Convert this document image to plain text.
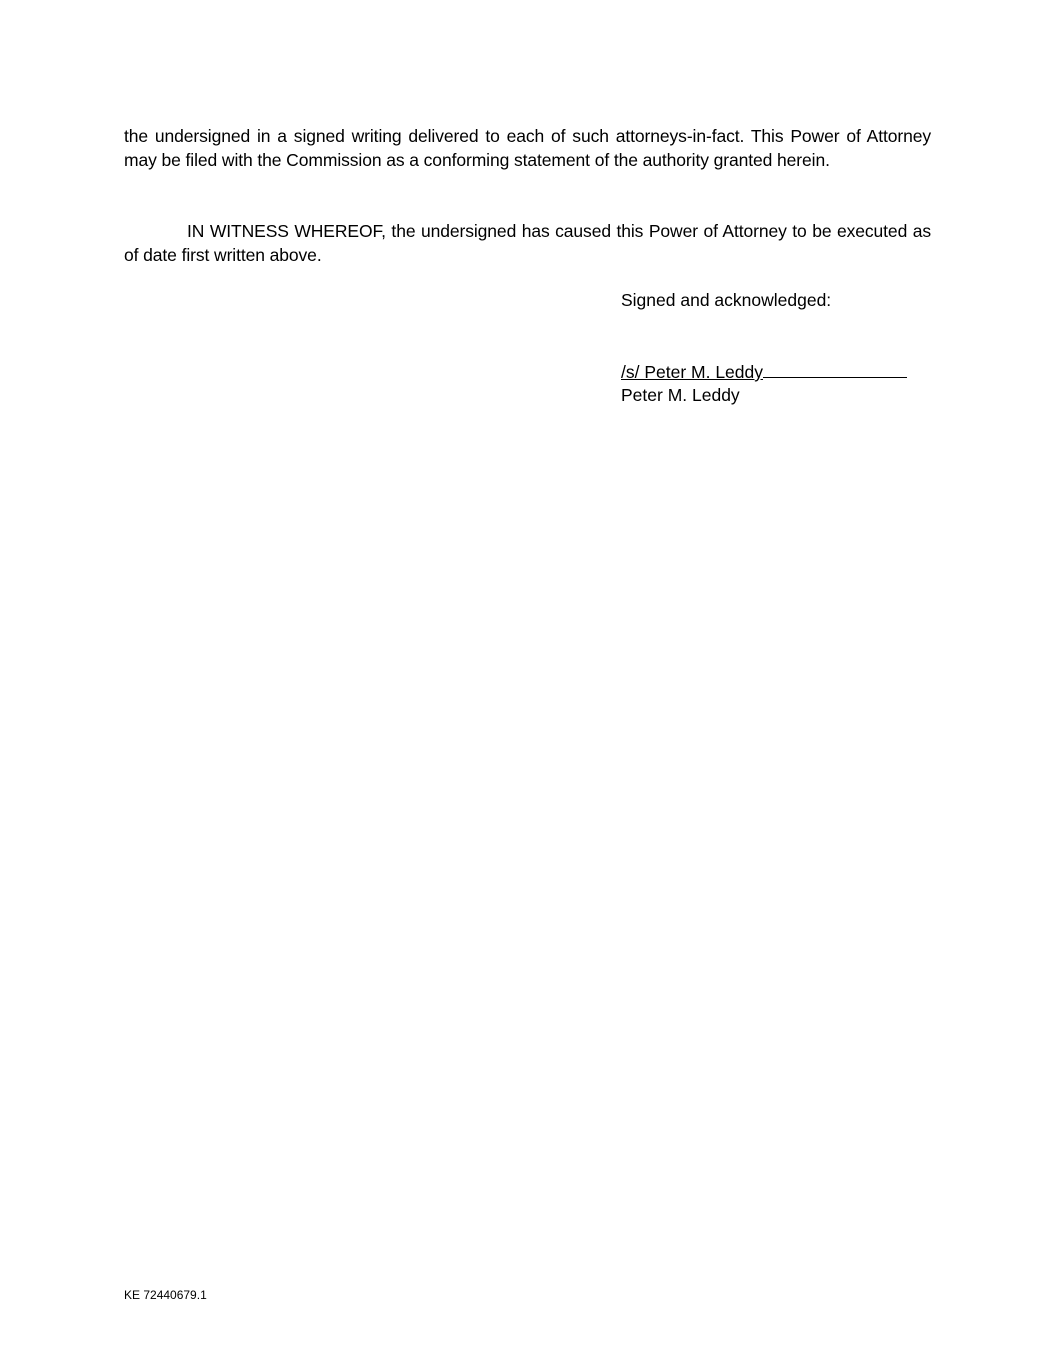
the undersigned in a signed writing delivered to each of such attorneys-in-fact. This Power of Attorney may be filed with the Commission as a conforming statement of the authority granted herein.

IN WITNESS WHEREOF, the undersigned has caused this Power of Attorney to be executed as of date first written above.

Signed and acknowledged:
/s/ Peter M. Leddy
Peter M. Leddy
KE 72440679.1
